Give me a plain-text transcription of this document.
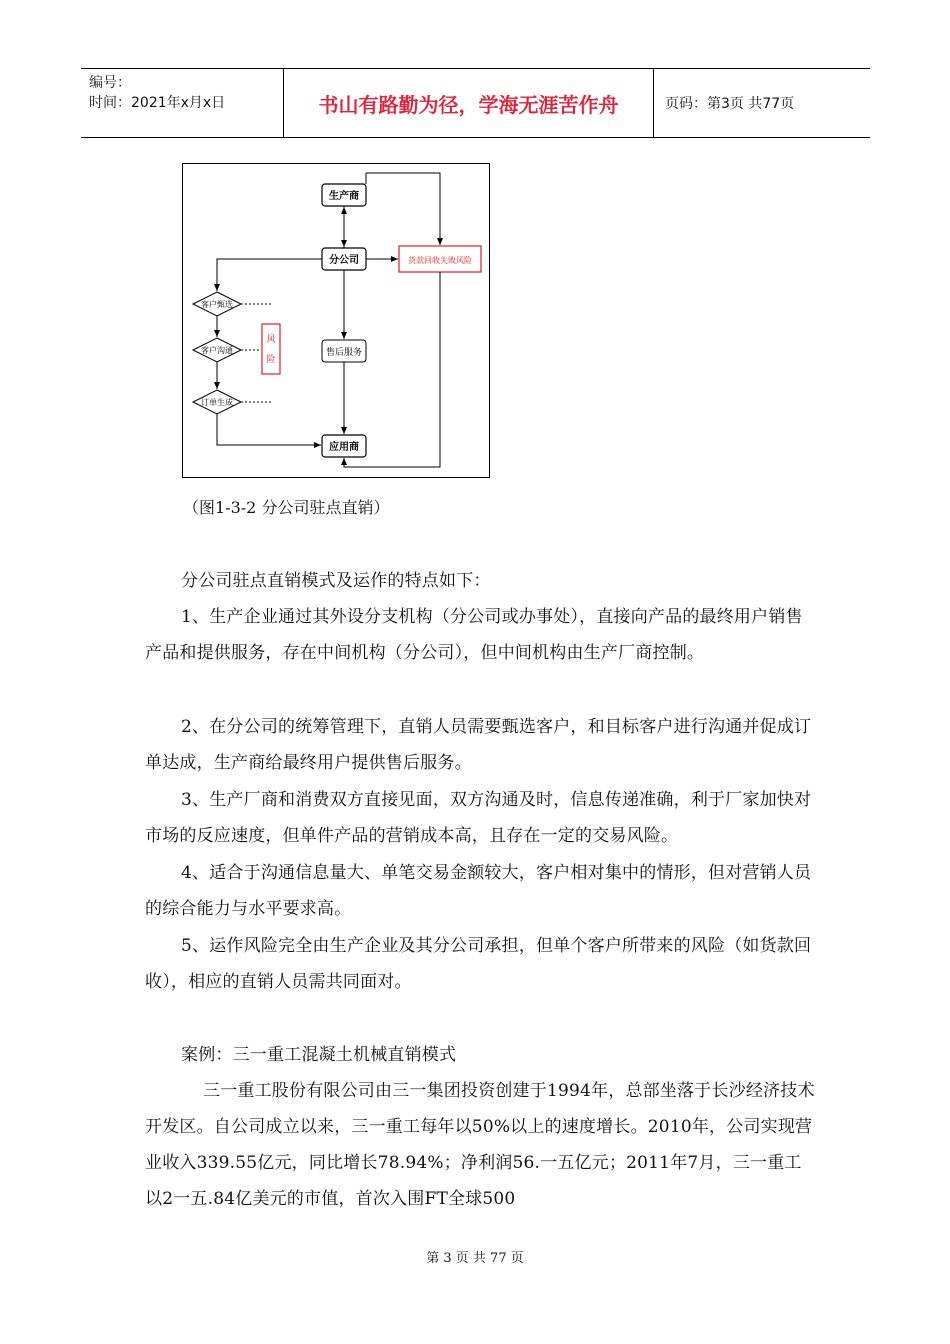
编号：
时间：2021年x月x日	书山有路勤为径，学海无涯苦作舟	页码：第3页 共77页
生产商
分公司	货款回收失败风险
客户甄选
客户沟通
订单生成
风
险
售后服务
应用商
（图1-3-2 分公司驻点直销）
分公司驻点直销模式及运作的特点如下：
1、生产企业通过其外设分支机构（分公司或办事处），直接向产品的最终用户销售产品和提供服务，存在中间机构（分公司），但中间机构由生产厂商控制。
2、在分公司的统筹管理下，直销人员需要甄选客户，和目标客户进行沟通并促成订单达成，生产商给最终用户提供售后服务。
3、生产厂商和消费双方直接见面，双方沟通及时，信息传递准确，利于厂家加快对市场的反应速度，但单件产品的营销成本高，且存在一定的交易风险。
4、适合于沟通信息量大、单笔交易金额较大，客户相对集中的情形，但对营销人员的综合能力与水平要求高。
5、运作风险完全由生产企业及其分公司承担，但单个客户所带来的风险（如货款回收），相应的直销人员需共同面对。
案例：三一重工混凝土机械直销模式
三一重工股份有限公司由三一集团投资创建于1994年，总部坐落于长沙经济技术开发区。自公司成立以来，三一重工每年以50%以上的速度增长。2010年，公司实现营业收入339.55亿元，同比增长78.94%；净利润56.一五亿元；2011年7月，三一重工以2一五.84亿美元的市值，首次入围FT全球500
第 3 页 共 77 页
